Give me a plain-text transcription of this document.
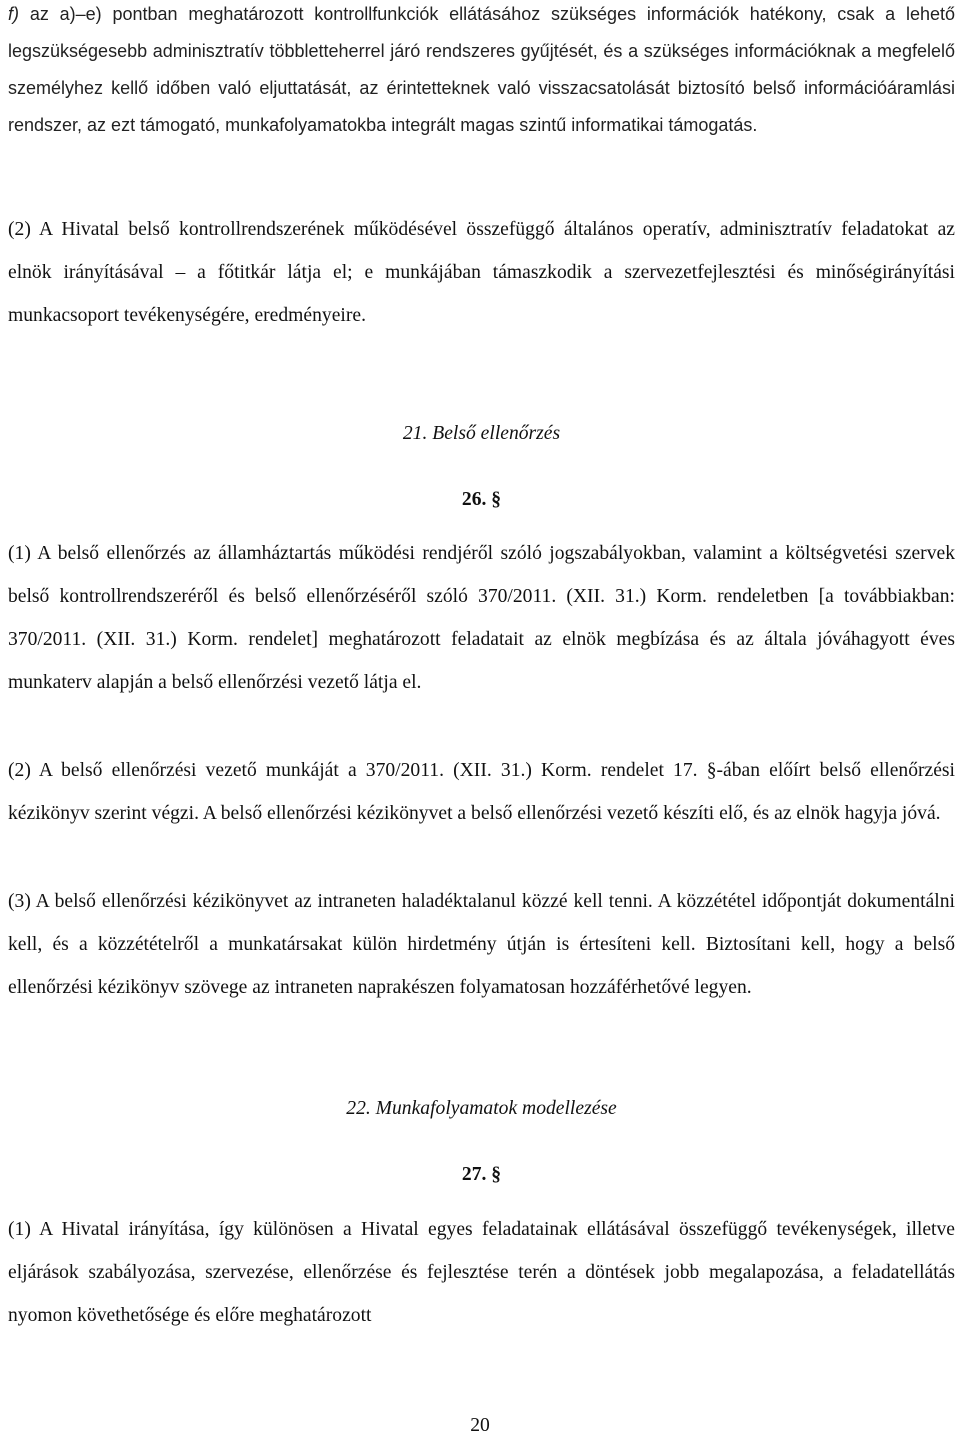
f) az a)–e) pontban meghatározott kontrollfunkciók ellátásához szükséges információk hatékony, csak a lehető legszükségesebb adminisztratív többletteherrel járó rendszeres gyűjtését, és a szükséges információknak a megfelelő személyhez kellő időben való eljuttatását, az érintetteknek való visszacsatolását biztosító belső információáramlási rendszer, az ezt támogató, munkafolyamatokba integrált magas szintű informatikai támogatás.

(2) A Hivatal belső kontrollrendszerének működésével összefüggő általános operatív, adminisztratív feladatokat az elnök irányításával – a főtitkár látja el; e munkájában támaszkodik a szervezetfejlesztési és minőségirányítási munkacsoport tevékenységére, eredményeire.

21. Belső ellenőrzés
26. §

(1) A belső ellenőrzés az államháztartás működési rendjéről szóló jogszabályokban, valamint a költségvetési szervek belső kontrollrendszeréről és belső ellenőrzéséről szóló 370/2011. (XII. 31.) Korm. rendeletben [a továbbiakban: 370/2011. (XII. 31.) Korm. rendelet] meghatározott feladatait az elnök megbízása és az általa jóváhagyott éves munkaterv alapján a belső ellenőrzési vezető látja el.

(2) A belső ellenőrzési vezető munkáját a 370/2011. (XII. 31.) Korm. rendelet 17. §-ában előírt belső ellenőrzési kézikönyv szerint végzi. A belső ellenőrzési kézikönyvet a belső ellenőrzési vezető készíti elő, és az elnök hagyja jóvá.

(3) A belső ellenőrzési kézikönyvet az intraneten haladéktalanul közzé kell tenni. A közzététel időpontját dokumentálni kell, és a közzétételről a munkatársakat külön hirdetmény útján is értesíteni kell. Biztosítani kell, hogy a belső ellenőrzési kézikönyv szövege az intraneten naprakészen folyamatosan hozzáférhetővé legyen.

22. Munkafolyamatok modellezése
27. §

(1) A Hivatal irányítása, így különösen a Hivatal egyes feladatainak ellátásával összefüggő tevékenységek, illetve eljárások szabályozása, szervezése, ellenőrzése és fejlesztése terén a döntések jobb megalapozása, a feladatellátás nyomon követhetősége és előre meghatározott

20
